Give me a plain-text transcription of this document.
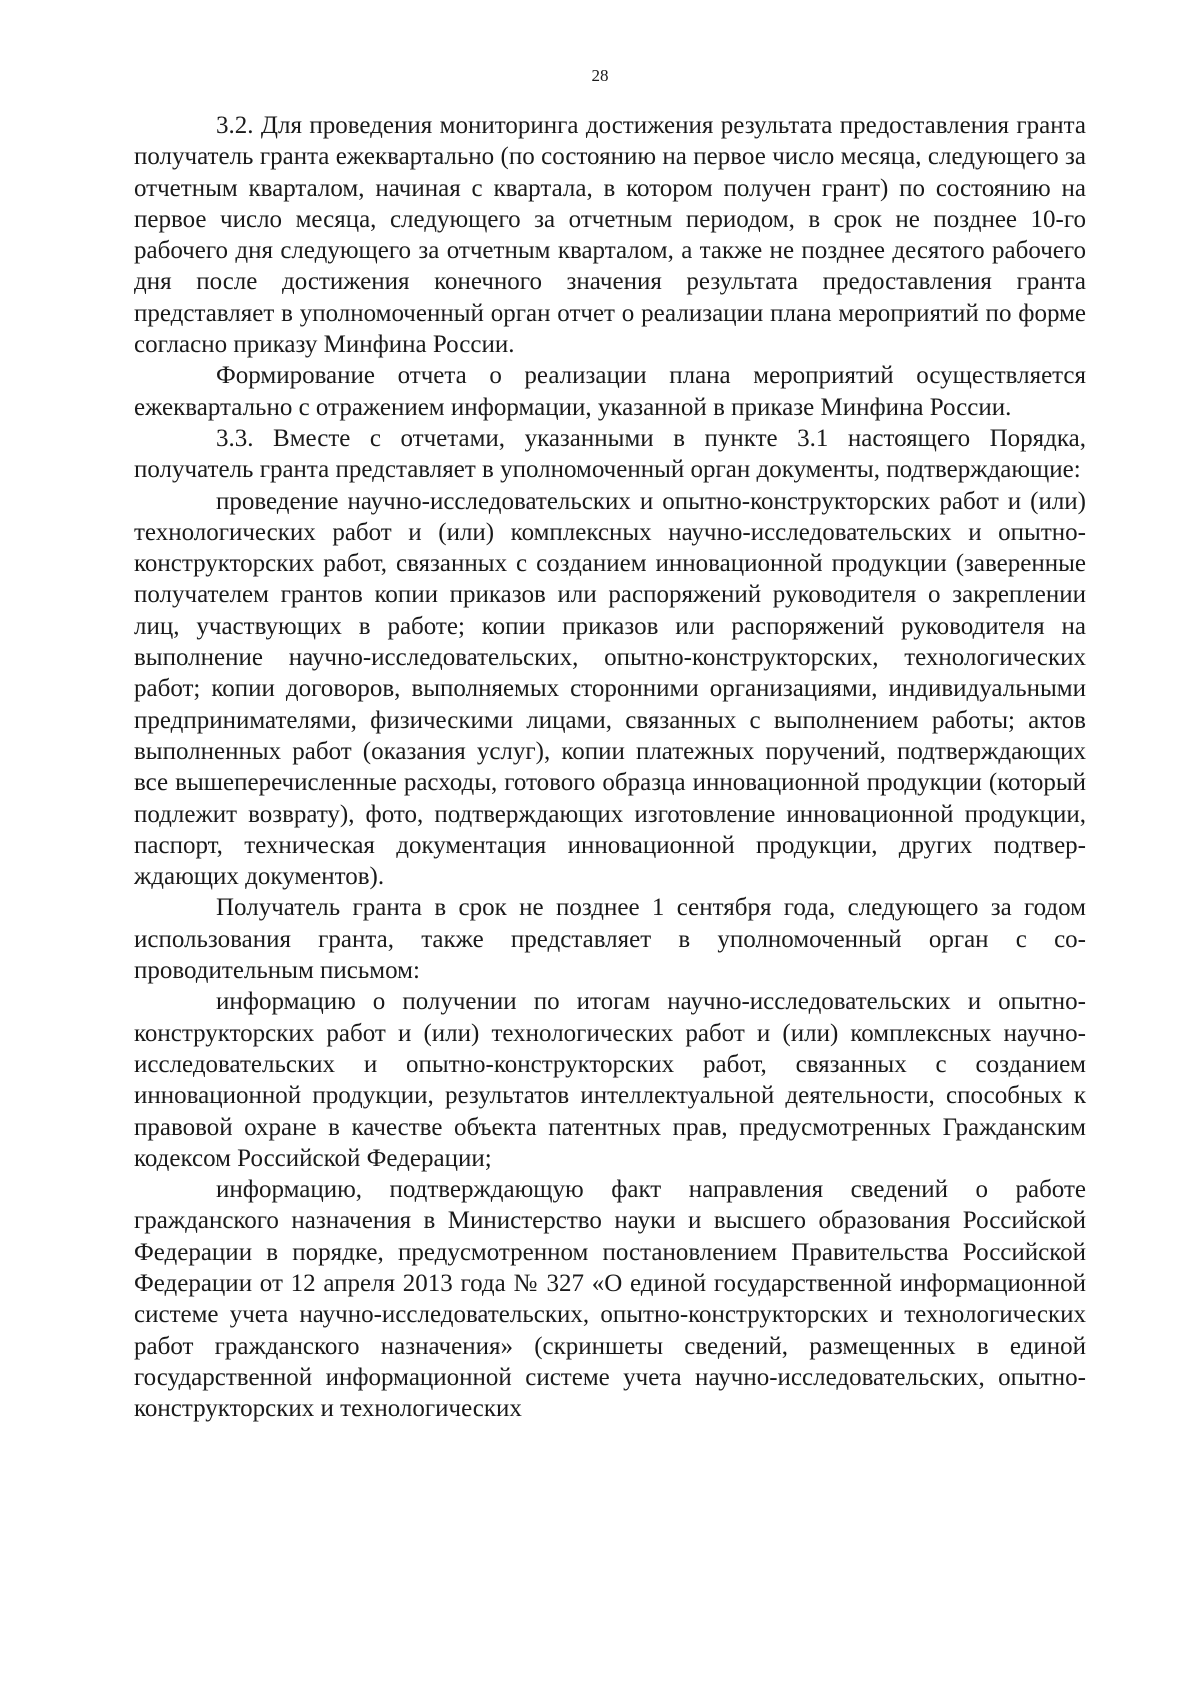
28

3.2. Для проведения мониторинга достижения результата предоставления гранта получатель гранта ежеквартально (по состоянию на первое число месяца, следующего за отчетным кварталом, начиная с квартала, в котором получен грант) по состоянию на первое число месяца, следующего за отчетным периодом, в срок не позднее 10-го рабочего дня следующего за отчетным кварталом, а также не позднее десятого рабочего дня после достижения конечного значения результата предоставления гранта представляет в уполномоченный орган отчет о реализации плана мероприятий по форме согласно приказу Минфина России.

Формирование отчета о реализации плана мероприятий осуществляется ежеквартально с отражением информации, указанной в приказе Минфина России.

3.3. Вместе с отчетами, указанными в пункте 3.1 настоящего Порядка, получатель гранта представляет в уполномоченный орган документы, подтверждающие:

проведение научно-исследовательских и опытно-конструкторских работ и (или) технологических работ и (или) комплексных научно-исследовательских и опытно-конструкторских работ, связанных с созданием инновационной продукции (заверенные получателем грантов копии приказов или распоряжений руководителя о закреплении лиц, участвующих в работе; копии приказов или распоряжений руководителя на выполнение научно-исследовательских, опытно-конструкторских, технологических работ; копии договоров, выполняемых сторонними организациями, индивидуальными предпринимателями, физическими лицами, связанных с выполнением работы; актов выполненных работ (оказания услуг), копии платежных поручений, подтверждающих все вышеперечисленные расходы, готового образца инновационной продукции (который подлежит возврату), фото, подтверждающих изготовление инновационной продукции, паспорт, техническая документация инновационной продукции, других подтверждающих документов).

Получатель гранта в срок не позднее 1 сентября года, следующего за годом использования гранта, также представляет в уполномоченный орган с сопроводительным письмом:

информацию о получении по итогам научно-исследовательских и опытно-конструкторских работ и (или) технологических работ и (или) комплексных научно-исследовательских и опытно-конструкторских работ, связанных с созданием инновационной продукции, результатов интеллектуальной деятельности, способных к правовой охране в качестве объекта патентных прав, предусмотренных Гражданским кодексом Российской Федерации;

информацию, подтверждающую факт направления сведений о работе гражданского назначения в Министерство науки и высшего образования Российской Федерации в порядке, предусмотренном постановлением Правительства Российской Федерации от 12 апреля 2013 года № 327 «О единой государственной информационной системе учета научно-исследовательских, опытно-конструкторских и технологических работ гражданского назначения» (скриншеты сведений, размещенных в единой государственной информационной системе учета научно-исследовательских, опытно-конструкторских и технологических
